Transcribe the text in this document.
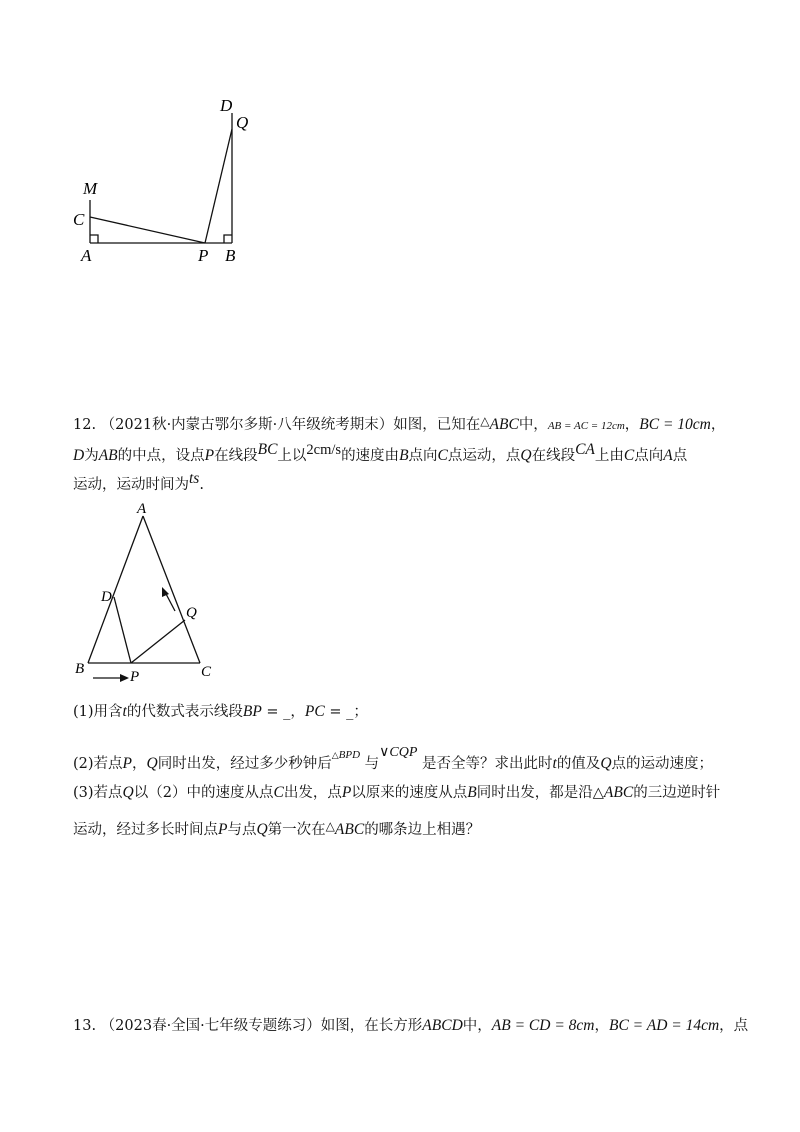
D
Q
M
C
A	P B
12. （2021秋·内蒙古鄂尔多斯·八年级统考期末）如图，已知在△ABC中，AB = AC = 12cm，BC = 10cm，
D为AB的中点，设点P在线段BC上以2cm/s的速度由B点向C点运动，点Q在线段CA上由C点向A点
运动，运动时间为ts.
A
D
Q
B	P	C
(1)用含t的代数式表示线段BP = _，PC = _；
(2)若点P，Q同时出发，经过多少秒钟后$^{\triangle BPD}$ 与∨CQP 是否全等？求出此时t的值及Q点的运动速度；
(3)若点Q以（2）中的速度从点C出发，点P以原来的速度从点B同时出发，都是沿△ABC的三边逆时针
运动，经过多长时间点P与点Q第一次在△ABC的哪条边上相遇？
13. （2023春·全国·七年级专题练习）如图，在长方形ABCD中，AB = CD = 8cm，BC = AD = 14cm，点
